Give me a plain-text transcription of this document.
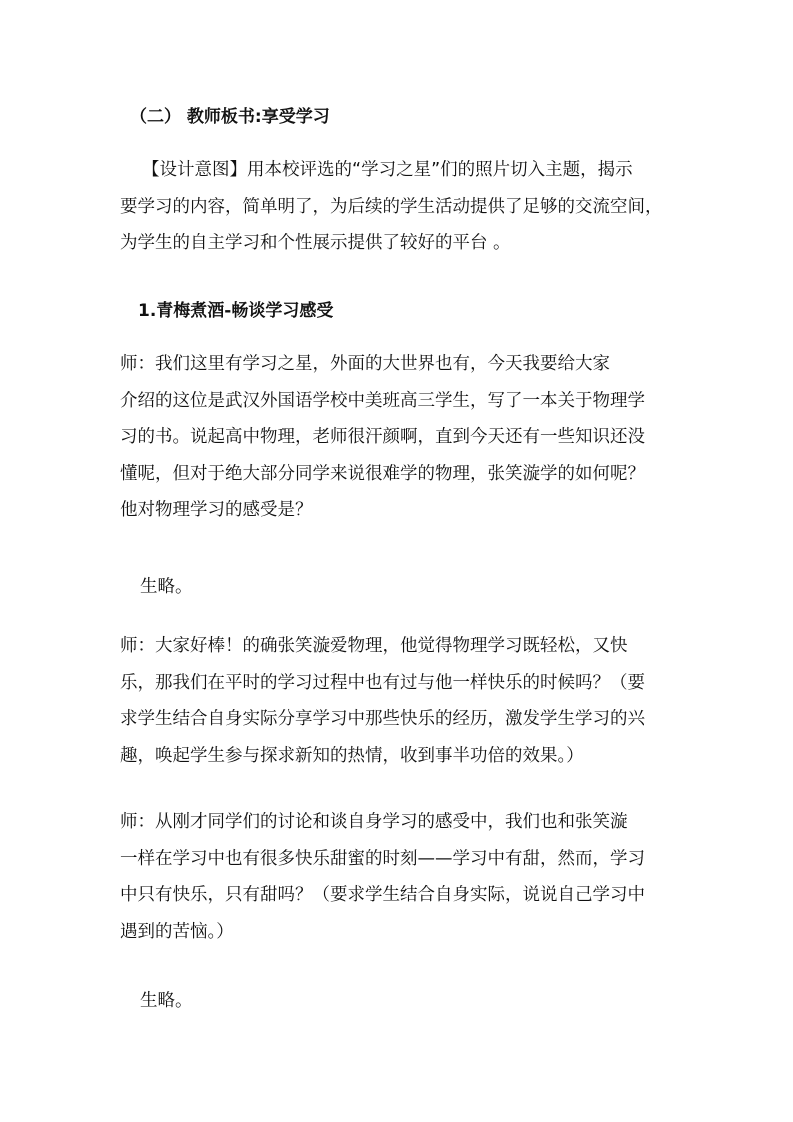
（二） 教师板书:享受学习
【设计意图】用本校评选的“学习之星”们的照片切入主题，揭示
要学习的内容，简单明了，为后续的学生活动提供了足够的交流空间，
为学生的自主学习和个性展示提供了较好的平台 。
1.青梅煮酒-畅谈学习感受
师：我们这里有学习之星，外面的大世界也有，今天我要给大家
介绍的这位是武汉外国语学校中美班高三学生，写了一本关于物理学
习的书。说起高中物理，老师很汗颜啊，直到今天还有一些知识还没
懂呢，但对于绝大部分同学来说很难学的物理，张笑漩学的如何呢？
他对物理学习的感受是？
生略。
师：大家好棒！的确张笑漩爱物理，他觉得物理学习既轻松，又快
乐，那我们在平时的学习过程中也有过与他一样快乐的时候吗？（要
求学生结合自身实际分享学习中那些快乐的经历，激发学生学习的兴
趣，唤起学生参与探求新知的热情，收到事半功倍的效果。）
师：从刚才同学们的讨论和谈自身学习的感受中，我们也和张笑漩
一样在学习中也有很多快乐甜蜜的时刻——学习中有甜，然而，学习
中只有快乐，只有甜吗？（要求学生结合自身实际，说说自己学习中
遇到的苦恼。）
生略。
